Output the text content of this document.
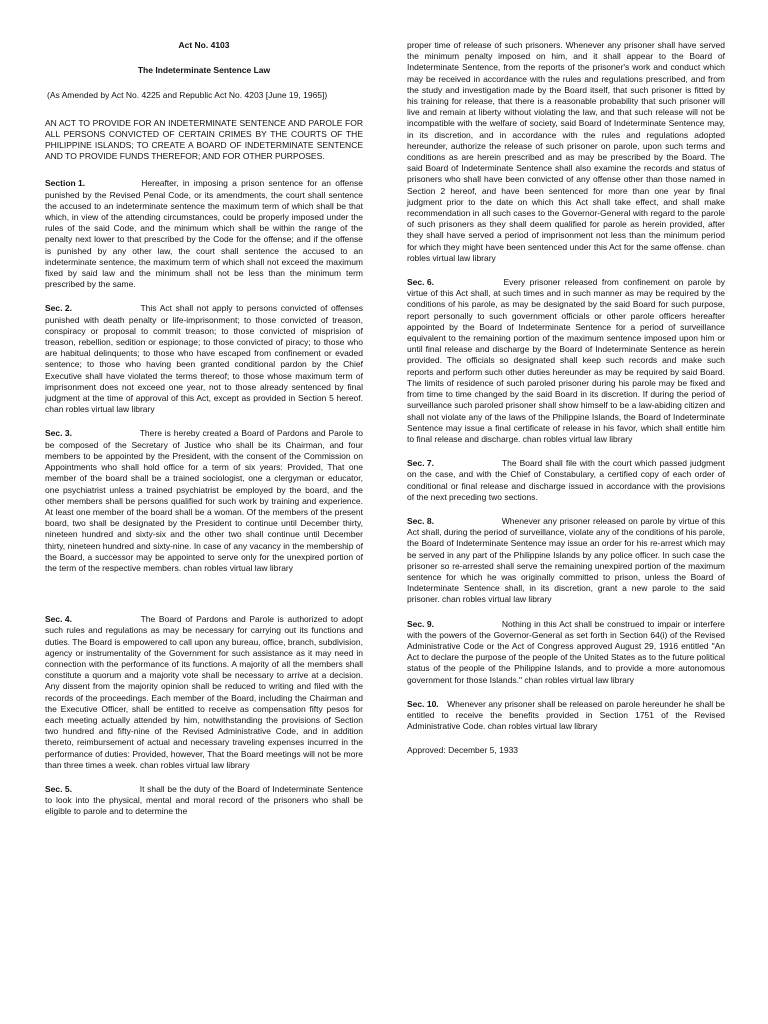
Act No. 4103
The Indeterminate Sentence Law
(As Amended by Act No. 4225 and Republic Act No. 4203 [June 19, 1965])
AN ACT TO PROVIDE FOR AN INDETERMINATE SENTENCE AND PAROLE FOR ALL PERSONS CONVICTED OF CERTAIN CRIMES BY THE COURTS OF THE PHILIPPINE ISLANDS; TO CREATE A BOARD OF INDETERMINATE SENTENCE AND TO PROVIDE FUNDS THEREFOR; AND FOR OTHER PURPOSES.
Section 1.	Hereafter, in imposing a prison sentence for an offense punished by the Revised Penal Code, or its amendments, the court shall sentence the accused to an indeterminate sentence the maximum term of which shall be that which, in view of the attending circumstances, could be properly imposed under the rules of the said Code, and the minimum which shall be within the range of the penalty next lower to that prescribed by the Code for the offense; and if the offense is punished by any other law, the court shall sentence the accused to an indeterminate sentence, the maximum term of which shall not exceed the maximum fixed by said law and the minimum shall not be less than the minimum term prescribed by the same.
Sec. 2.	This Act shall not apply to persons convicted of offenses punished with death penalty or life-imprisonment; to those convicted of treason, conspiracy or proposal to commit treason; to those convicted of misprision of treason, rebellion, sedition or espionage; to those convicted of piracy; to those who are habitual delinquents; to those who have escaped from confinement or evaded sentence; to those who having been granted conditional pardon by the Chief Executive shall have violated the terms thereof; to those whose maximum term of imprisonment does not exceed one year, not to those already sentenced by final judgment at the time of approval of this Act, except as provided in Section 5 hereof. chan robles virtual law library
Sec. 3.	There is hereby created a Board of Pardons and Parole to be composed of the Secretary of Justice who shall be its Chairman, and four members to be appointed by the President, with the consent of the Commission on Appointments who shall hold office for a term of six years: Provided, That one member of the board shall be a trained sociologist, one a clergyman or educator, one psychiatrist unless a trained psychiatrist be employed by the board, and the other members shall be persons qualified for such work by training and experience. At least one member of the board shall be a woman. Of the members of the present board, two shall be designated by the President to continue until December thirty, nineteen hundred and sixty-six and the other two shall continue until December thirty, nineteen hundred and sixty-nine. In case of any vacancy in the membership of the Board, a successor may be appointed to serve only for the unexpired portion of the term of the respective members. chan robles virtual law library
Sec. 4.	The Board of Pardons and Parole is authorized to adopt such rules and regulations as may be necessary for carrying out its functions and duties. The Board is empowered to call upon any bureau, office, branch, subdivision, agency or instrumentality of the Government for such assistance as it may need in connection with the performance of its functions. A majority of all the members shall constitute a quorum and a majority vote shall be necessary to arrive at a decision. Any dissent from the majority opinion shall be reduced to writing and filed with the records of the proceedings. Each member of the Board, including the Chairman and the Executive Officer, shall be entitled to receive as compensation fifty pesos for each meeting actually attended by him, notwithstanding the provisions of Section two hundred and fifty-nine of the Revised Administrative Code, and in addition thereto, reimbursement of actual and necessary traveling expenses incurred in the performance of duties: Provided, however, That the Board meetings will not be more than three times a week. chan robles virtual law library
Sec. 5.	It shall be the duty of the Board of Indeterminate Sentence to look into the physical, mental and moral record of the prisoners who shall be eligible to parole and to determine the
proper time of release of such prisoners. Whenever any prisoner shall have served the minimum penalty imposed on him, and it shall appear to the Board of Indeterminate Sentence, from the reports of the prisoner's work and conduct which may be received in accordance with the rules and regulations prescribed, and from the study and investigation made by the Board itself, that such prisoner is fitted by his training for release, that there is a reasonable probability that such prisoner will live and remain at liberty without violating the law, and that such release will not be incompatible with the welfare of society, said Board of Indeterminate Sentence may, in its discretion, and in accordance with the rules and regulations adopted hereunder, authorize the release of such prisoner on parole, upon such terms and conditions as are herein prescribed and as may be prescribed by the Board. The said Board of Indeterminate Sentence shall also examine the records and status of prisoners who shall have been convicted of any offense other than those named in Section 2 hereof, and have been sentenced for more than one year by final judgment prior to the date on which this Act shall take effect, and shall make recommendation in all such cases to the Governor-General with regard to the parole of such prisoners as they shall deem qualified for parole as herein provided, after they shall have served a period of imprisonment not less than the minimum period for which they might have been sentenced under this Act for the same offense. chan robles virtual law library
Sec. 6.	Every prisoner released from confinement on parole by virtue of this Act shall, at such times and in such manner as may be required by the conditions of his parole, as may be designated by the said Board for such purpose, report personally to such government officials or other parole officers hereafter appointed by the Board of Indeterminate Sentence for a period of surveillance equivalent to the remaining portion of the maximum sentence imposed upon him or until final release and discharge by the Board of Indeterminate Sentence as herein provided. The officials so designated shall keep such records and make such reports and perform such other duties hereunder as may be required by said Board. The limits of residence of such paroled prisoner during his parole may be fixed and from time to time changed by the said Board in its discretion. If during the period of surveillance such paroled prisoner shall show himself to be a law-abiding citizen and shall not violate any of the laws of the Philippine Islands, the Board of Indeterminate Sentence may issue a final certificate of release in his favor, which shall entitle him to final release and discharge. chan robles virtual law library
Sec. 7.	The Board shall file with the court which passed judgment on the case, and with the Chief of Constabulary, a certified copy of each order of conditional or final release and discharge issued in accordance with the provisions of the next preceding two sections.
Sec. 8.	Whenever any prisoner released on parole by virtue of this Act shall, during the period of surveillance, violate any of the conditions of his parole, the Board of Indeterminate Sentence may issue an order for his re-arrest which may be served in any part of the Philippine Islands by any police officer. In such case the prisoner so re-arrested shall serve the remaining unexpired portion of the maximum sentence for which he was originally committed to prison, unless the Board of Indeterminate Sentence shall, in its discretion, grant a new parole to the said prisoner. chan robles virtual law library
Sec. 9.	Nothing in this Act shall be construed to impair or interfere with the powers of the Governor-General as set forth in Section 64(i) of the Revised Administrative Code or the Act of Congress approved August 29, 1916 entitled "An Act to declare the purpose of the people of the United States as to the future political status of the people of the Philippine Islands, and to provide a more autonomous government for those Islands." chan robles virtual law library
Sec. 10. Whenever any prisoner shall be released on parole hereunder he shall be entitled to receive the benefits provided in Section 1751 of the Revised Administrative Code. chan robles virtual law library
Approved: December 5, 1933
